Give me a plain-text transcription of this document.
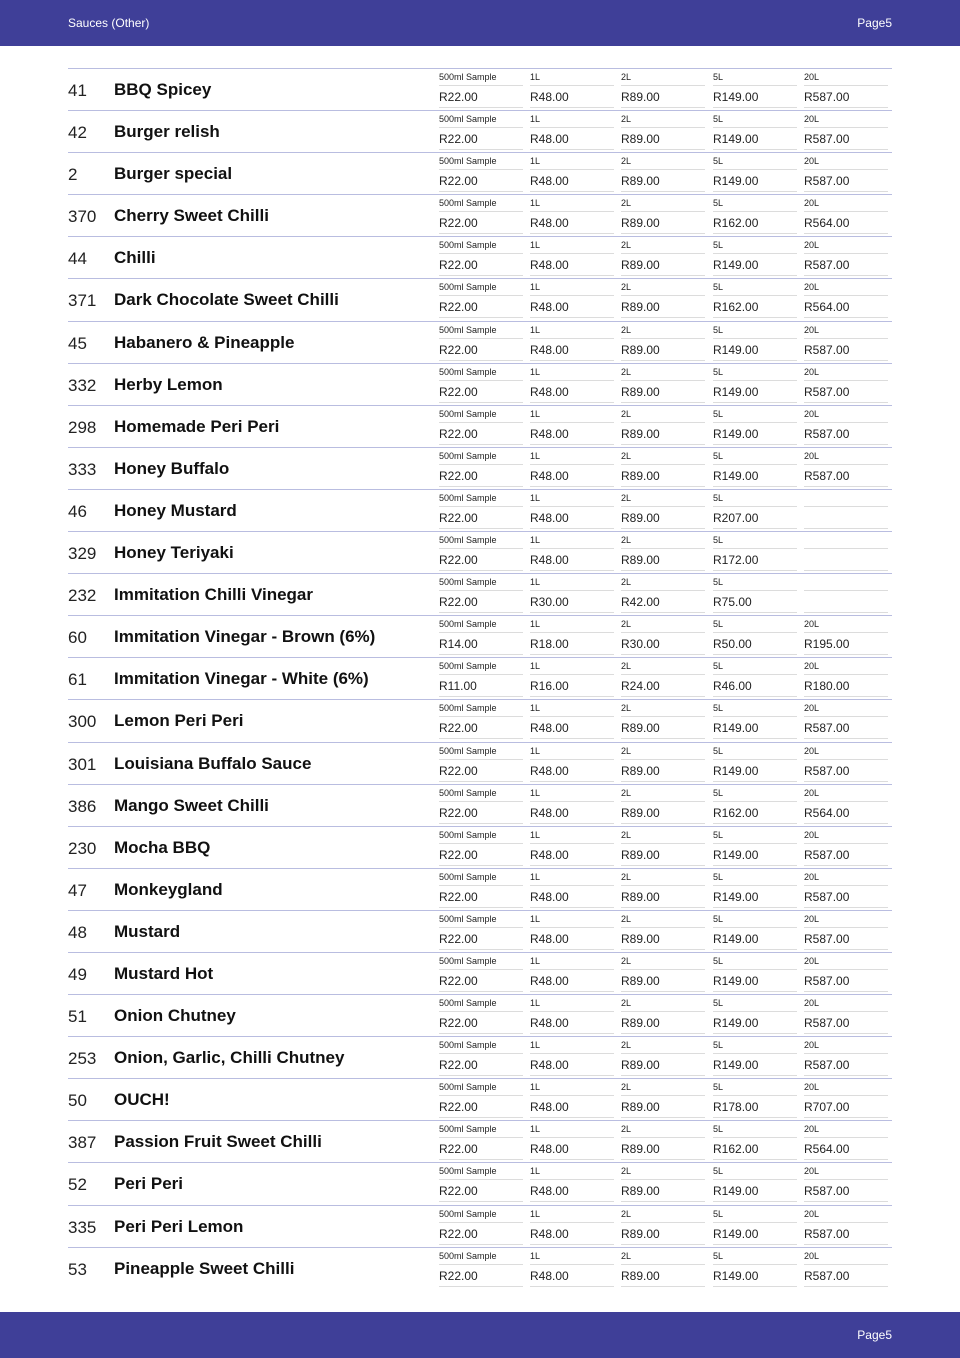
Sauces (Other)	Page5
41 BBQ Spicey
500ml Sample
R22.00
1L
R48.00
2L
R89.00
5L
R149.00
20L
R587.00
42 Burger relish
500ml Sample
R22.00
1L
R48.00
2L
R89.00
5L
R149.00
20L
R587.00
2 Burger special
500ml Sample
R22.00
1L
R48.00
2L
R89.00
5L
R149.00
20L
R587.00
370 Cherry Sweet Chilli
500ml Sample
R22.00
1L
R48.00
2L
R89.00
5L
R162.00
20L
R564.00
44 Chilli
500ml Sample
R22.00
1L
R48.00
2L
R89.00
5L
R149.00
20L
R587.00
371 Dark Chocolate Sweet Chilli
500ml Sample
R22.00
1L
R48.00
2L
R89.00
5L
R162.00
20L
R564.00
45 Habanero & Pineapple
500ml Sample
R22.00
1L
R48.00
2L
R89.00
5L
R149.00
20L
R587.00
332 Herby Lemon
500ml Sample
R22.00
1L
R48.00
2L
R89.00
5L
R149.00
20L
R587.00
298 Homemade Peri Peri
500ml Sample
R22.00
1L
R48.00
2L
R89.00
5L
R149.00
20L
R587.00
333 Honey Buffalo
500ml Sample
R22.00
1L
R48.00
2L
R89.00
5L
R149.00
20L
R587.00
46 Honey Mustard
500ml Sample
R22.00
1L
R48.00
2L
R89.00
5L
R207.00
329 Honey Teriyaki
500ml Sample
R22.00
1L
R48.00
2L
R89.00
5L
R172.00
232 Immitation Chilli Vinegar
500ml Sample
R22.00
1L
R30.00
2L
R42.00
5L
R75.00
60 Immitation Vinegar - Brown (6%)
500ml Sample
R14.00
1L
R18.00
2L
R30.00
5L
R50.00
20L
R195.00
61 Immitation Vinegar - White (6%)
500ml Sample
R11.00
1L
R16.00
2L
R24.00
5L
R46.00
20L
R180.00
300 Lemon Peri Peri
500ml Sample
R22.00
1L
R48.00
2L
R89.00
5L
R149.00
20L
R587.00
301 Louisiana Buffalo Sauce
500ml Sample
R22.00
1L
R48.00
2L
R89.00
5L
R149.00
20L
R587.00
386 Mango Sweet Chilli
500ml Sample
R22.00
1L
R48.00
2L
R89.00
5L
R162.00
20L
R564.00
230 Mocha BBQ
500ml Sample
R22.00
1L
R48.00
2L
R89.00
5L
R149.00
20L
R587.00
47 Monkeygland
500ml Sample
R22.00
1L
R48.00
2L
R89.00
5L
R149.00
20L
R587.00
48 Mustard
500ml Sample
R22.00
1L
R48.00
2L
R89.00
5L
R149.00
20L
R587.00
49 Mustard Hot
500ml Sample
R22.00
1L
R48.00
2L
R89.00
5L
R149.00
20L
R587.00
51 Onion Chutney
500ml Sample
R22.00
1L
R48.00
2L
R89.00
5L
R149.00
20L
R587.00
253 Onion, Garlic, Chilli Chutney
500ml Sample
R22.00
1L
R48.00
2L
R89.00
5L
R149.00
20L
R587.00
50 OUCH!
500ml Sample
R22.00
1L
R48.00
2L
R89.00
5L
R178.00
20L
R707.00
387 Passion Fruit Sweet Chilli
500ml Sample
R22.00
1L
R48.00
2L
R89.00
5L
R162.00
20L
R564.00
52 Peri Peri
500ml Sample
R22.00
1L
R48.00
2L
R89.00
5L
R149.00
20L
R587.00
335 Peri Peri Lemon
500ml Sample
R22.00
1L
R48.00
2L
R89.00
5L
R149.00
20L
R587.00
53 Pineapple Sweet Chilli
500ml Sample
R22.00
1L
R48.00
2L
R89.00
5L
R149.00
20L
R587.00
Page5
